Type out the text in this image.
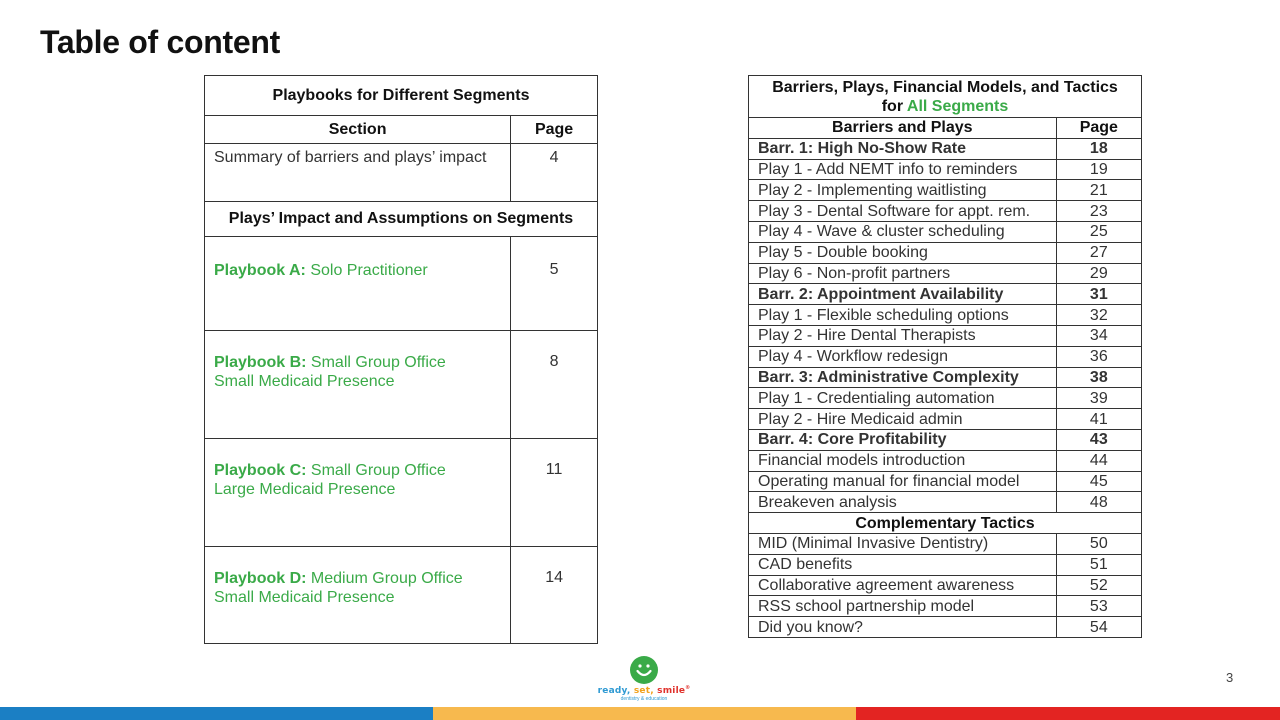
Table of content
Playbooks for Different Segments	
Section	Page
Summary of barriers and plays’ impact	4
Plays’ Impact and Assumptions on Segments	
Playbook A: Solo Practitioner	5
Playbook B: Small Group Office
Small Medicaid Presence	8
Playbook C: Small Group Office
Large Medicaid Presence	11
Playbook D: Medium Group Office
Small Medicaid Presence	14
Barriers, Plays, Financial Models, and Tactics
for All Segments	
Barriers and Plays	Page
Barr. 1: High No-Show Rate	18
Play 1 - Add NEMT info to reminders	19
Play 2 - Implementing waitlisting	21
Play 3 - Dental Software for appt. rem.	23
Play 4 - Wave & cluster scheduling	25
Play 5 - Double booking	27
Play 6 - Non-profit partners	29
Barr. 2: Appointment Availability	31
Play 1 - Flexible scheduling options	32
Play 2 - Hire Dental Therapists	34
Play 4 - Workflow redesign	36
Barr. 3: Administrative Complexity	38
Play 1 - Credentialing automation	39
Play 2 - Hire Medicaid admin	41
Barr. 4: Core Profitability	43
Financial models introduction	44
Operating manual for financial model	45
Breakeven analysis	48
Complementary Tactics	
MID (Minimal Invasive Dentistry)	50
CAD benefits	51
Collaborative agreement awareness	52
RSS school partnership model	53
Did you know?	54
ready, set, smile®
dentistry & education
3
